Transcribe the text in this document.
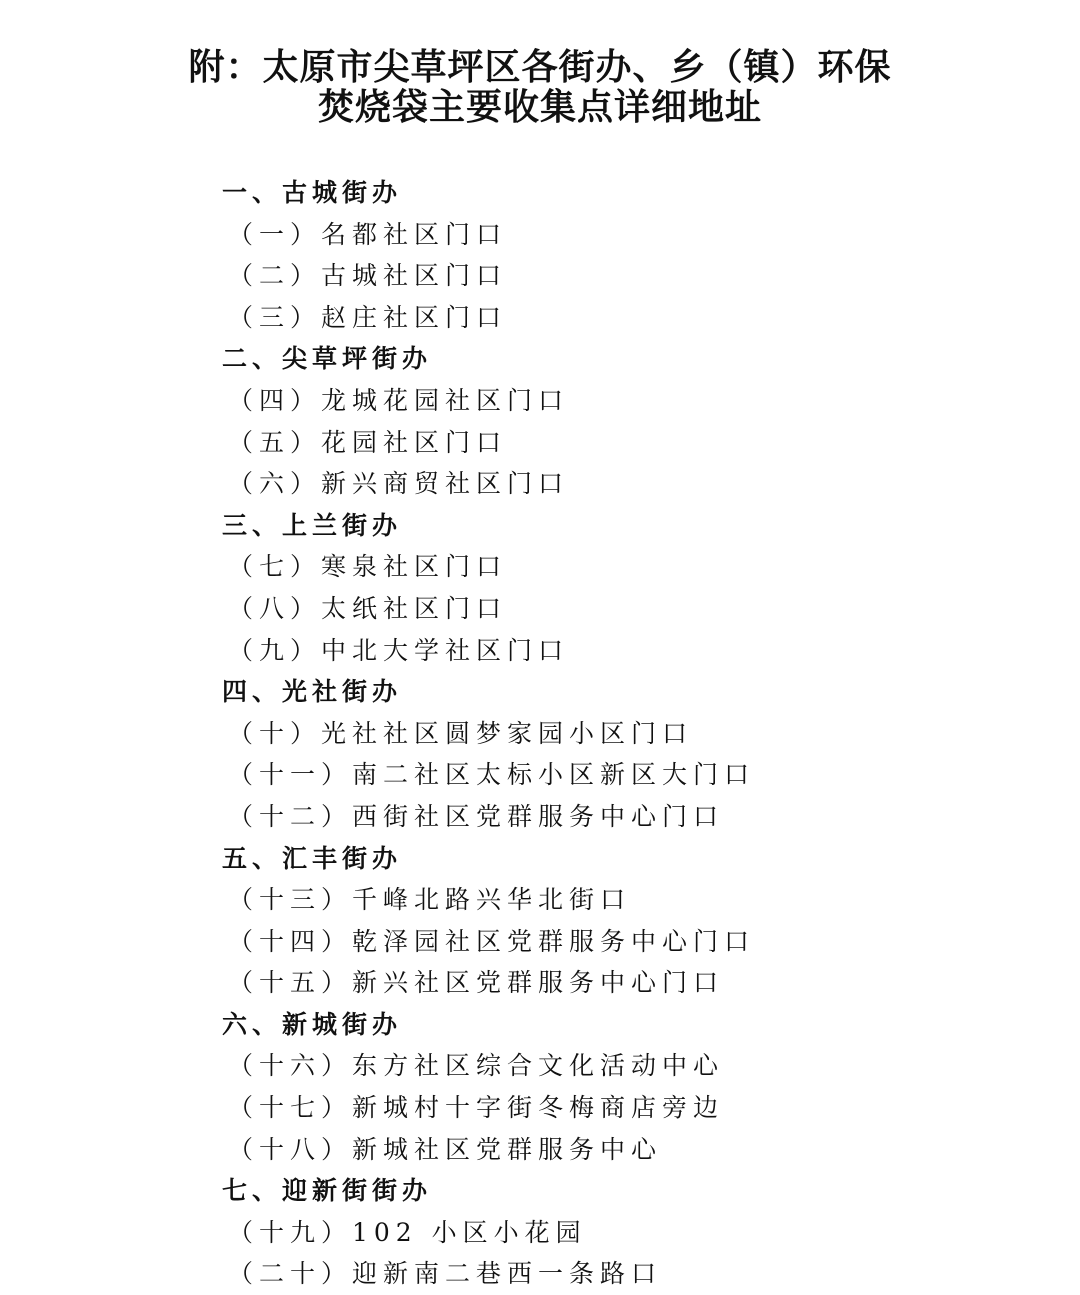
附：太原市尖草坪区各街办、乡（镇）环保
焚烧袋主要收集点详细地址
一、古城街办
（一）名都社区门口
（二）古城社区门口
（三）赵庄社区门口
二、尖草坪街办
（四）龙城花园社区门口
（五）花园社区门口
（六）新兴商贸社区门口
三、上兰街办
（七）寒泉社区门口
（八）太纸社区门口
（九）中北大学社区门口
四、光社街办
（十）光社社区圆梦家园小区门口
（十一）南二社区太标小区新区大门口
（十二）西街社区党群服务中心门口
五、汇丰街办
（十三）千峰北路兴华北街口
（十四）乾泽园社区党群服务中心门口
（十五）新兴社区党群服务中心门口
六、新城街办
（十六）东方社区综合文化活动中心
（十七）新城村十字街冬梅商店旁边
（十八）新城社区党群服务中心
七、迎新街街办
（十九）102 小区小花园
（二十）迎新南二巷西一条路口
